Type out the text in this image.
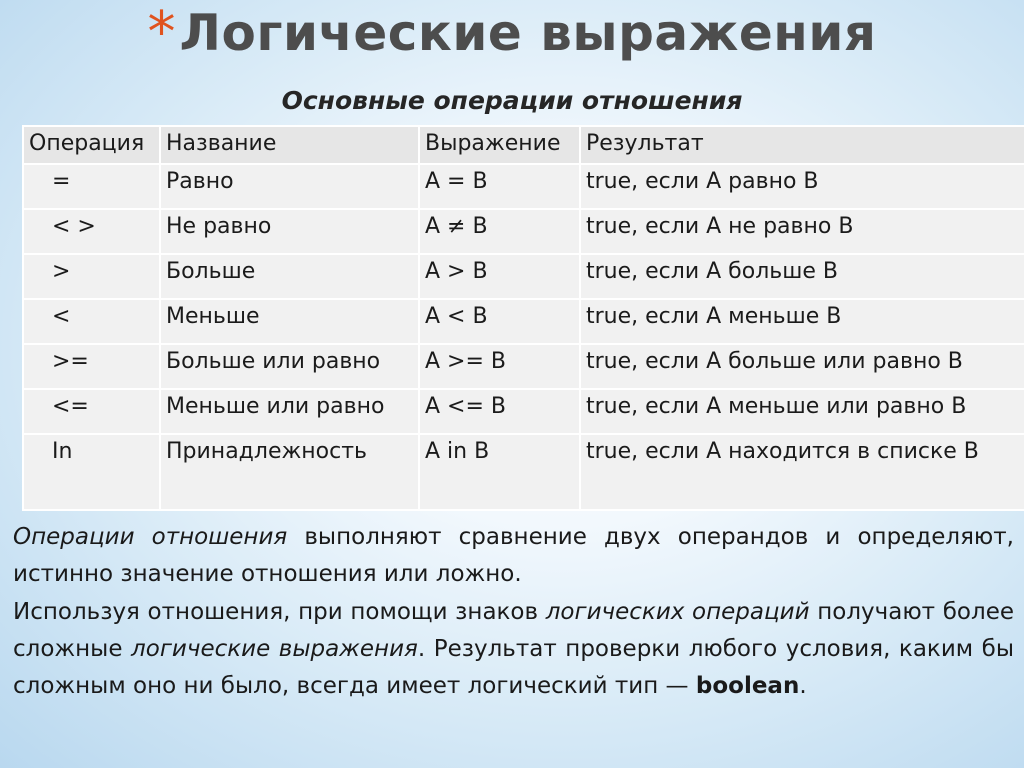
*Логические выражения
Основные операции отношения
Операция	Название	Выражение	Результат
=	Равно	A = B	true, если A равно B
< >	Не равно	A ≠ B	true, если A не равно B
>	Больше	A > B	true, если A больше B
<	Меньше	A < B	true, если A меньше B
>=	Больше или равно	A >= B	true, если A больше или равно B
<=	Меньше или равно	A <= B	true, если A меньше или равно B
In	Принадлежность	A in B	true, если A находится в списке B

Операции отношения выполняют сравнение двух операндов и определяют, истинно значение отношения или ложно.

Используя отношения, при помощи знаков логических операций получают более сложные логические выражения. Результат проверки любого условия, каким бы сложным оно ни было, всегда имеет логический тип — boolean.
